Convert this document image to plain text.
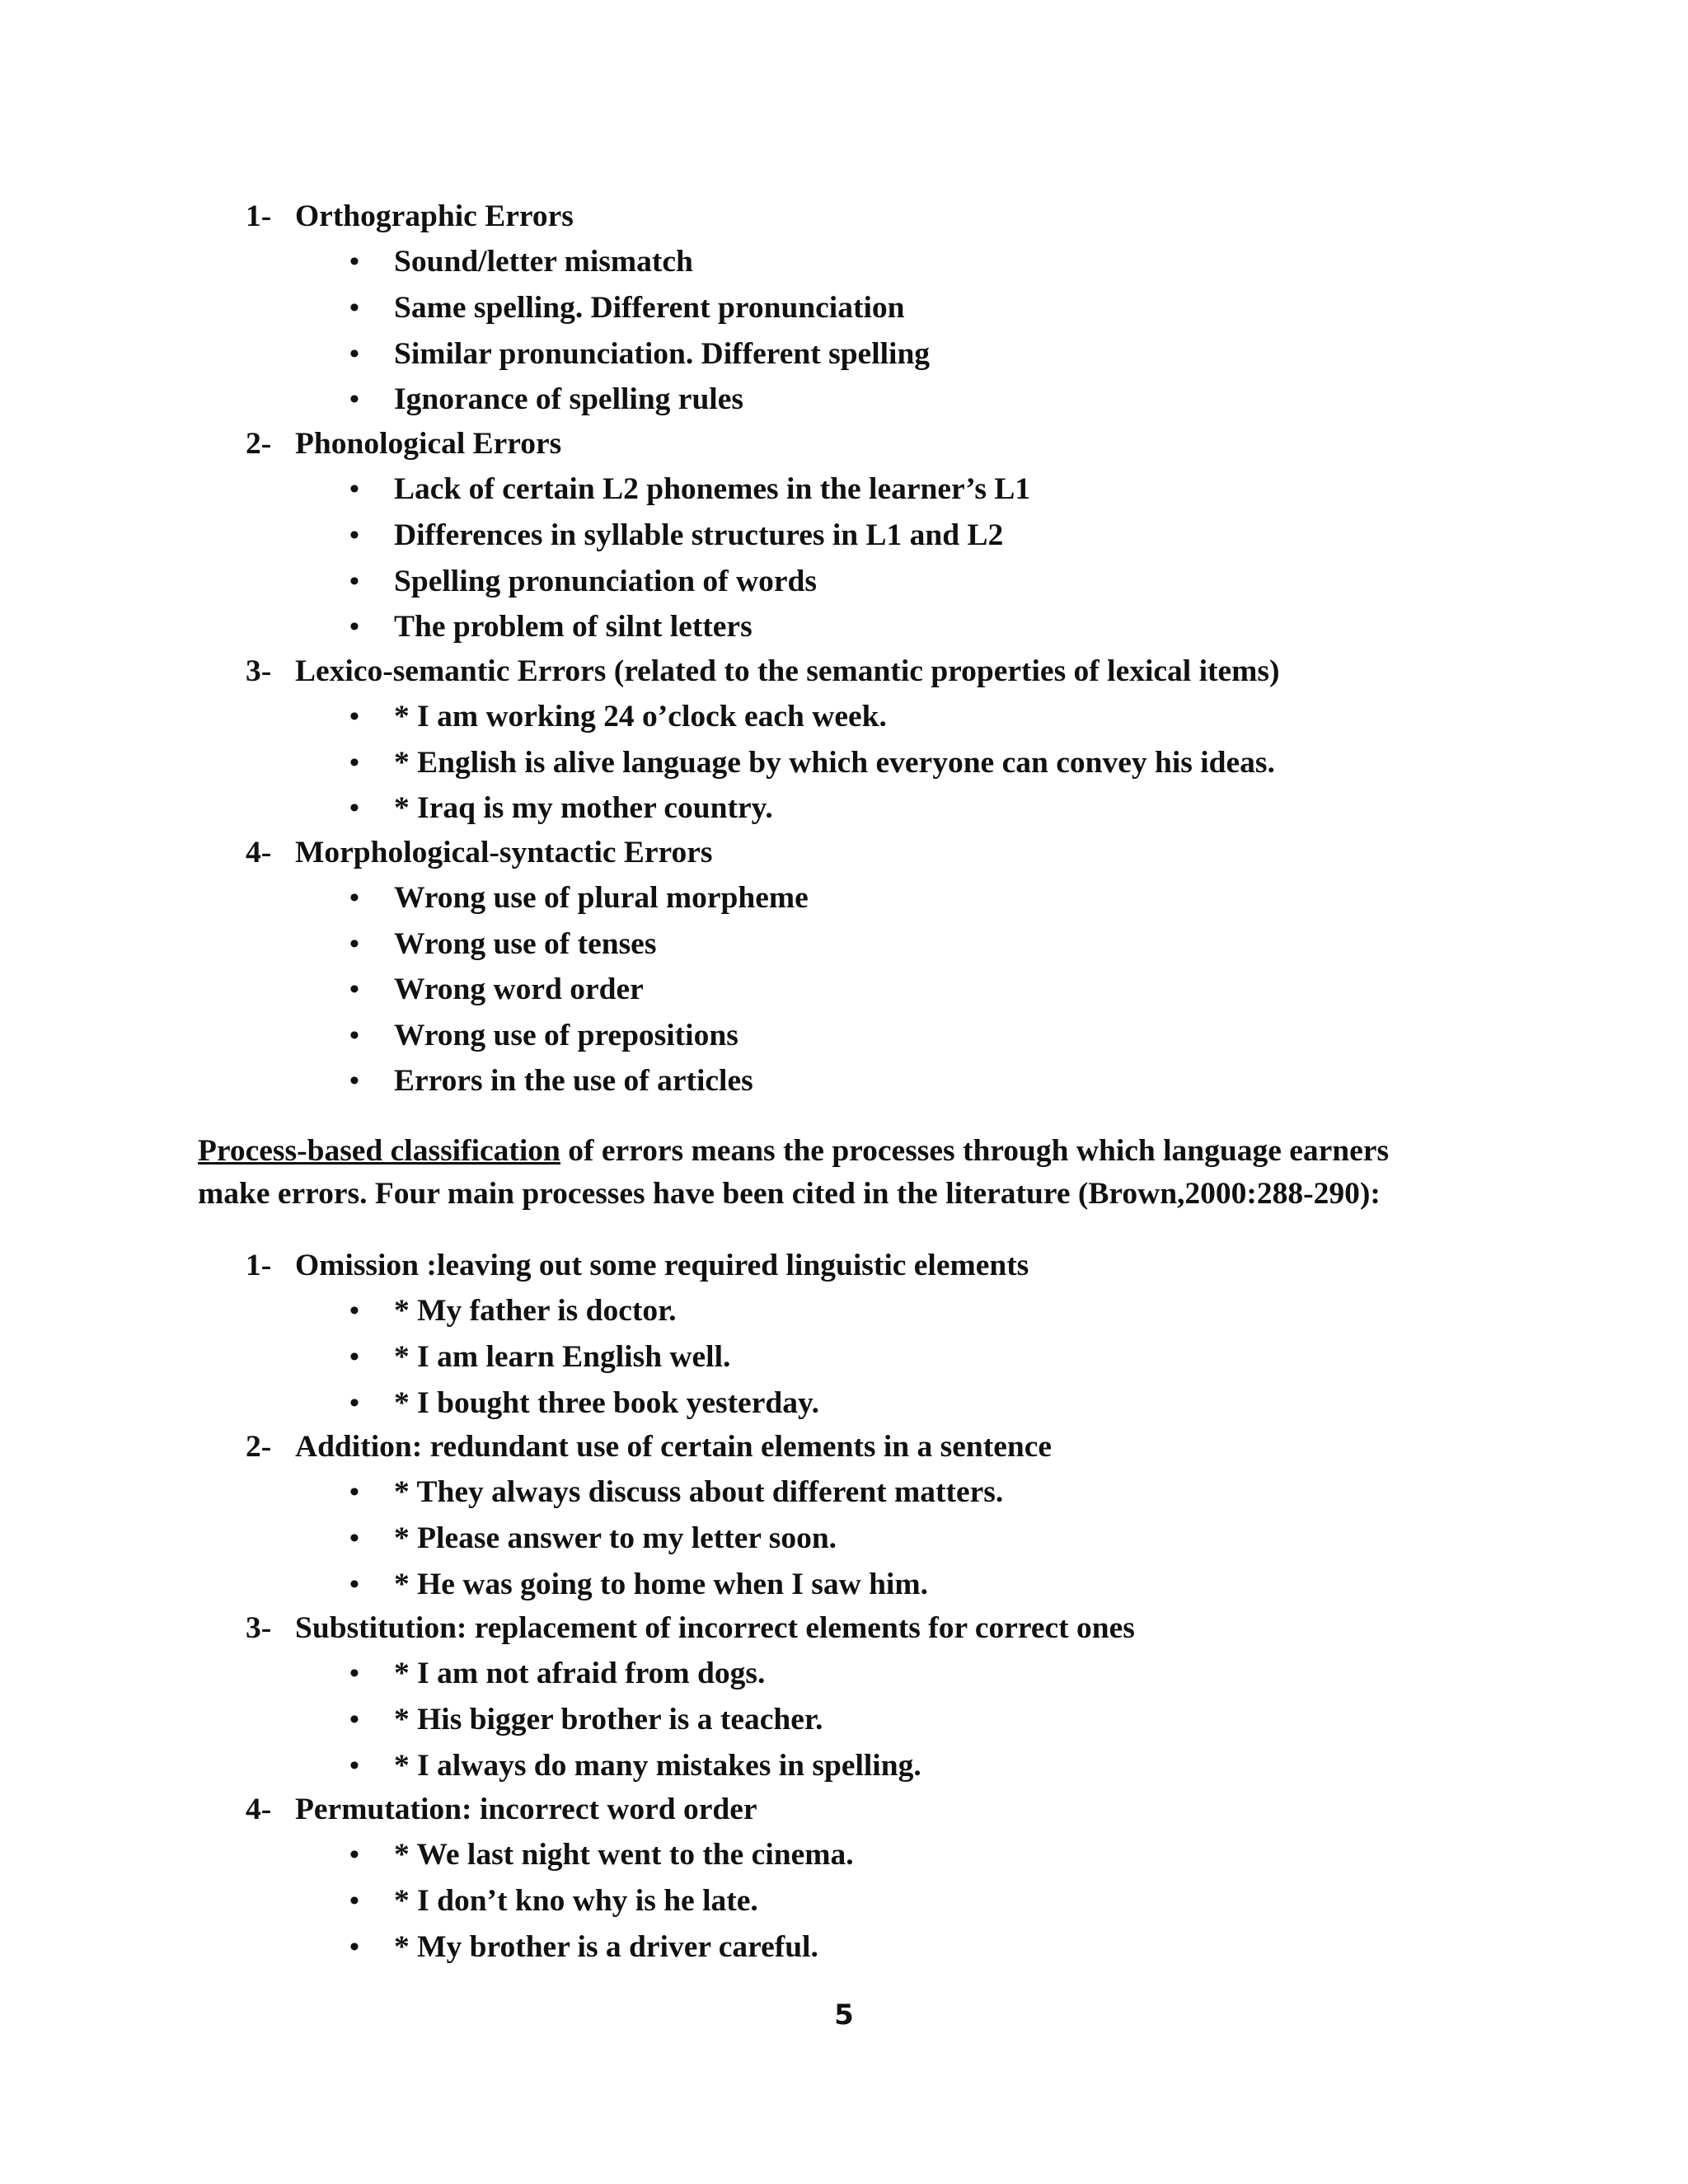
1- Orthographic Errors
• Sound/letter mismatch
• Same spelling. Different pronunciation
• Similar pronunciation. Different spelling
• Ignorance of spelling rules
2- Phonological Errors
• Lack of certain L2 phonemes in the learner’s L1
• Differences in syllable structures in L1 and L2
• Spelling pronunciation of words
• The problem of silnt letters
3- Lexico-semantic Errors (related to the semantic properties of lexical items)
• * I am working 24 o’clock each week.
• * English is alive language by which everyone can convey his ideas.
• * Iraq is my mother country.
4- Morphological-syntactic Errors
• Wrong use of plural morpheme
• Wrong use of tenses
• Wrong word order
• Wrong use of prepositions
• Errors in the use of articles
Process-based classification of errors means the processes through which language earners
make errors. Four main processes have been cited in the literature (Brown,2000:288-290):
1- Omission :leaving out some required linguistic elements
• * My father is doctor.
• * I am learn English well.
• * I bought three book yesterday.
2- Addition: redundant use of certain elements in a sentence
• * They always discuss about different matters.
• * Please answer to my letter soon.
• * He was going to home when I saw him.
3- Substitution: replacement of incorrect elements for correct ones
• * I am not afraid from dogs.
• * His bigger brother is a teacher.
• * I always do many mistakes in spelling.
4- Permutation: incorrect word order
• * We last night went to the cinema.
• * I don’t kno why is he late.
• * My brother is a driver careful.
5
